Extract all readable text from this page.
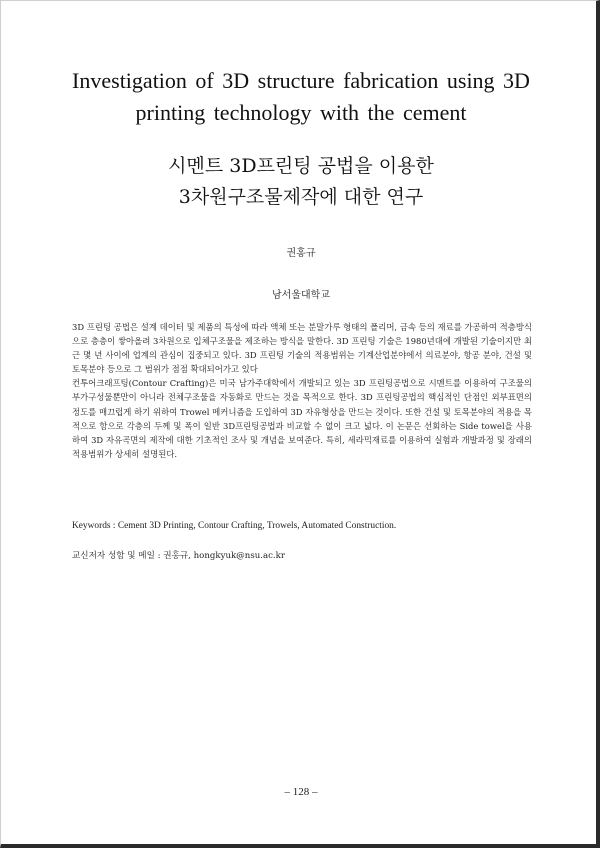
Investigation of 3D structure fabrication using 3D printing technology with the cement
시멘트 3D프린팅 공법을 이용한
3차원구조물제작에 대한 연구
권홍규
남서울대학교

3D 프린팅 공법은 설계 데이터 및 제품의 특성에 따라 액체 또는 분말가루 형태의 폴리머, 금속 등의 재료를 가공하여 적층방식으로 층층이 쌓아올려 3차원으로 입체구조물을 제조하는 방식을 말한다. 3D 프린팅 기술은 1980년대에 개발된 기술이지만 최근 몇 년 사이에 업계의 관심이 집중되고 있다. 3D 프린팅 기술의 적용범위는 기계산업분야에서 의료분야, 항공 분야, 건설 및 토목분야 등으로 그 범위가 점점 확대되어가고 있다

컨투어크래프팅(Contour Crafting)은 미국 남가주대학에서 개발되고 있는 3D 프린팅공법으로 시멘트를 이용하여 구조물의 부가구성물뿐만이 아니라 전체구조물을 자동화로 만드는 것을 목적으로 한다. 3D 프린팅공법의 핵심적인 단점인 외부표면의 정도를 매끄럽게 하기 위하여 Trowel 메커니즘을 도입하여 3D 자유형상을 만드는 것이다. 또한 건설 및 토목분야의 적용을 목적으로 함으로 각층의 두께 및 폭이 일반 3D프린팅공법과 비교할 수 없이 크고 넓다. 이 논문은 선회하는 Side towel을 사용하여 3D 자유곡면의 제작에 대한 기초적인 조사 및 개념을 보여준다. 특히, 세라믹재료를 이용하여 실험과 개발과정 및 장래의 적용범위가 상세히 설명된다.

Keywords : Cement 3D Printing, Contour Crafting, Trowels, Automated Construction.
교신저자 성함 및 메일 : 권홍규, hongkyuk@nsu.ac.kr
– 128 –
